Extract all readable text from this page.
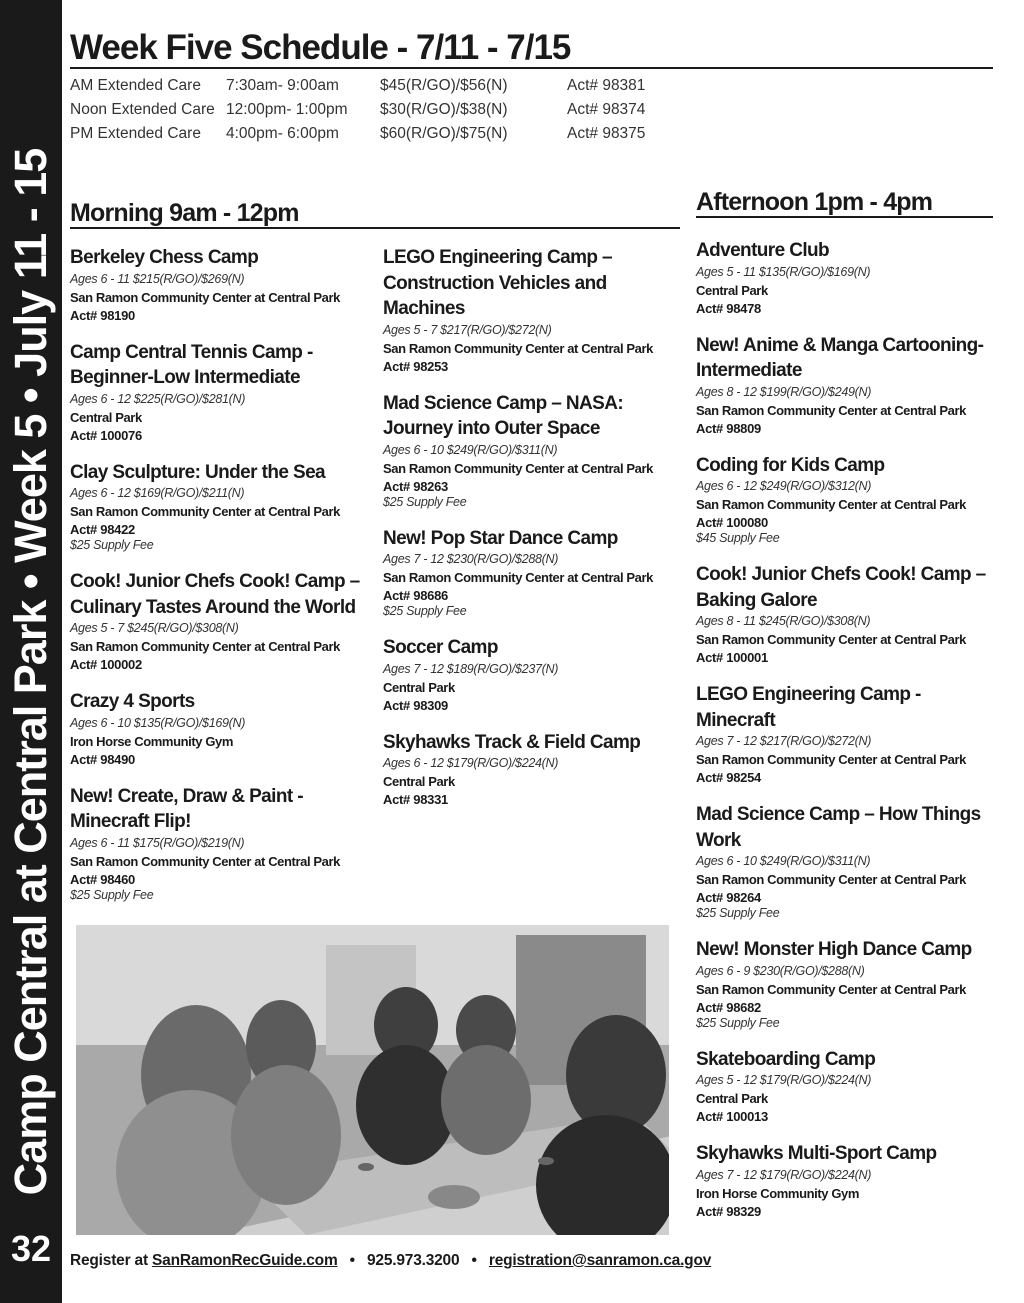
Camp Central at Central Park • Week 5 • July 11 - 15
32
Week Five Schedule - 7/11 - 7/15
AM Extended Care	7:30am- 9:00am	$45(R/GO)/$56(N)	Act# 98381
Noon Extended Care 12:00pm- 1:00pm	$30(R/GO)/$38(N)	Act# 98374
PM Extended Care	4:00pm- 6:00pm	$60(R/GO)/$75(N)	Act# 98375
Morning 9am - 12pm	Afternoon 1pm - 4pm
Berkeley Chess Camp
Ages 6 - 11 $215(R/GO)/$269(N)
San Ramon Community Center at Central Park
Act# 98190
Camp Central Tennis Camp - Beginner-Low Intermediate
Ages 6 - 12 $225(R/GO)/$281(N)
Central Park
Act# 100076
Clay Sculpture: Under the Sea
Ages 6 - 12 $169(R/GO)/$211(N)
San Ramon Community Center at Central Park
Act# 98422
$25 Supply Fee
Cook! Junior Chefs Cook! Camp – Culinary Tastes Around the World
Ages 5 - 7 $245(R/GO)/$308(N)
San Ramon Community Center at Central Park
Act# 100002
Crazy 4 Sports
Ages 6 - 10 $135(R/GO)/$169(N)
Iron Horse Community Gym
Act# 98490
New! Create, Draw & Paint - Minecraft Flip!
Ages 6 - 11 $175(R/GO)/$219(N)
San Ramon Community Center at Central Park
Act# 98460
$25 Supply Fee
LEGO Engineering Camp – Construction Vehicles and Machines
Ages 5 - 7 $217(R/GO)/$272(N)
San Ramon Community Center at Central Park
Act# 98253
Mad Science Camp – NASA: Journey into Outer Space
Ages 6 - 10 $249(R/GO)/$311(N)
San Ramon Community Center at Central Park
Act# 98263
$25 Supply Fee
New! Pop Star Dance Camp
Ages 7 - 12 $230(R/GO)/$288(N)
San Ramon Community Center at Central Park
Act# 98686
$25 Supply Fee
Soccer Camp
Ages 7 - 12 $189(R/GO)/$237(N)
Central Park
Act# 98309
Skyhawks Track & Field Camp
Ages 6 - 12 $179(R/GO)/$224(N)
Central Park
Act# 98331
Adventure Club
Ages 5 - 11 $135(R/GO)/$169(N)
Central Park
Act# 98478
New! Anime & Manga Cartooning- Intermediate
Ages 8 - 12 $199(R/GO)/$249(N)
San Ramon Community Center at Central Park
Act# 98809
Coding for Kids Camp
Ages 6 - 12 $249(R/GO)/$312(N)
San Ramon Community Center at Central Park
Act# 100080
$45 Supply Fee
Cook! Junior Chefs Cook! Camp – Baking Galore
Ages 8 - 11 $245(R/GO)/$308(N)
San Ramon Community Center at Central Park
Act# 100001
LEGO Engineering Camp - Minecraft
Ages 7 - 12 $217(R/GO)/$272(N)
San Ramon Community Center at Central Park
Act# 98254
Mad Science Camp – How Things Work
Ages 6 - 10 $249(R/GO)/$311(N)
San Ramon Community Center at Central Park
Act# 98264
$25 Supply Fee
New! Monster High Dance Camp
Ages 6 - 9 $230(R/GO)/$288(N)
San Ramon Community Center at Central Park
Act# 98682
$25 Supply Fee
Skateboarding Camp
Ages 5 - 12 $179(R/GO)/$224(N)
Central Park
Act# 100013
Skyhawks Multi-Sport Camp
Ages 7 - 12 $179(R/GO)/$224(N)
Iron Horse Community Gym
Act# 98329
Register at SanRamonRecGuide.com • 925.973.3200 • registration@sanramon.ca.gov
